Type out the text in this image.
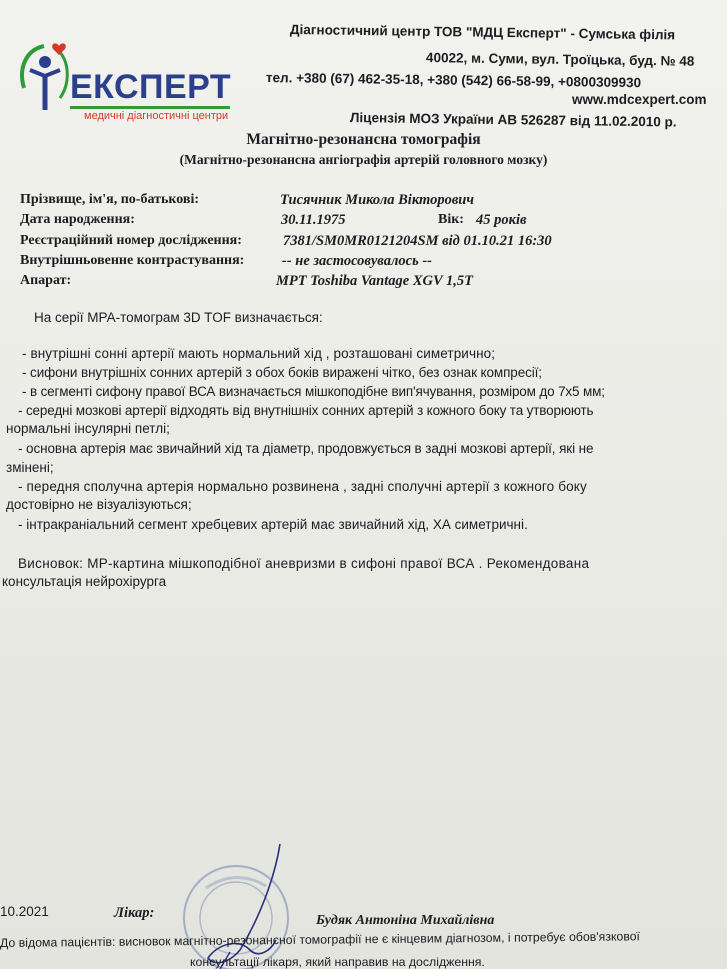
ЕКСПЕРТ
медичні діагностичні центри
Діагностичний центр ТОВ "МДЦ Експерт" - Сумська філія
40022, м. Суми, вул. Троїцька, буд. № 48
тел. +380 (67) 462-35-18, +380 (542) 66-58-99, +0800309930
www.mdcexpert.com
Ліцензія МОЗ України АВ 526287 від 11.02.2010 р.
Магнітно-резонансна томографія
(Магнітно-резонансна ангіографія артерій головного мозку)
Прізвище, ім'я, по-батькові:	Тисячник Микола Вікторович
Дата народження:	30.11.1975	Вік: 45 років
Реєстраційний номер дослідження:	7381/SM0MR0121204SM від 01.10.21 16:30
Внутрішньовенне контрастування:	-- не застосовувалось --
Апарат:	МРТ Toshiba Vantage XGV 1,5T
На серії МРА-томограм 3D TOF визначається:
- внутрішні сонні артерії мають нормальний хід , розташовані симетрично;
- сифони внутрішніх сонних артерій з обох боків виражені чітко, без ознак компресії;
- в сегменті сифону правої ВСА визначається мішкоподібне вип'ячування, розміром до 7х5 мм;
- середні мозкові артерії відходять від внутнішніх сонних артерій з кожного боку та утворюють
нормальні інсулярні петлі;
- основна артерія має звичайний хід та діаметр, продовжується в задні мозкові артерії, які не
змінені;
- передня сполучна артерія нормально розвинена , задні сполучні артерії з кожного боку
достовірно не візуалізуються;
- інтракраніальний сегмент хребцевих артерій має звичайний хід, ХА симетричні.
Висновок: МР-картина мішкоподібної аневризми в сифоні правої ВСА . Рекомендована
консультація нейрохірурга
10.2021	Лікар:	Будяк Антоніна Михайлівна
До відома пацієнтів: висновок магнітно-резонансної томографії не є кінцевим діагнозом, і потребує обов'язкової
консультації лікаря, який направив на дослідження.
